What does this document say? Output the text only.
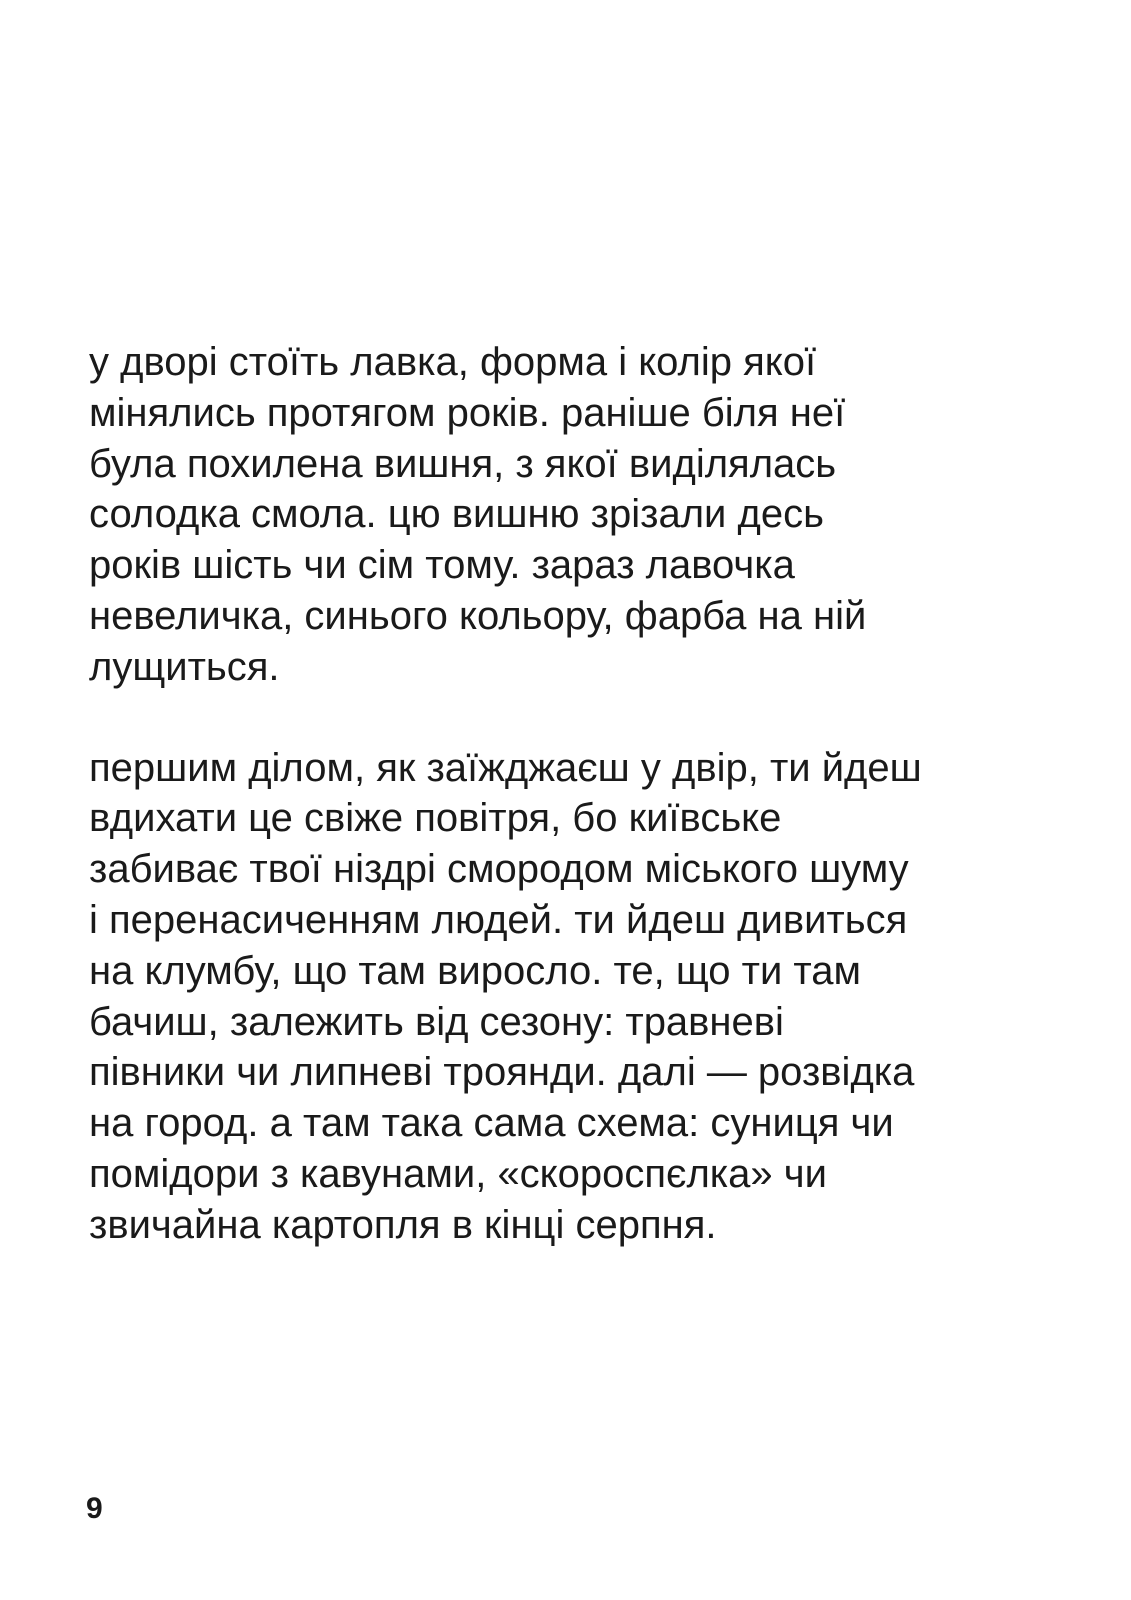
у дворі стоїть лавка, форма і колір якої
мінялись протягом років. раніше біля неї
була похилена вишня, з якої виділялась
солодка смола. цю вишню зрізали десь
років шість чи сім тому. зараз лавочка
невеличка, синього кольору, фарба на ній
лущиться.

першим ділом, як заїжджаєш у двір, ти йдеш
вдихати це свіже повітря, бо київське
забиває твої ніздрі смородом міського шуму
і перенасиченням людей. ти йдеш дивиться
на клумбу, що там виросло. те, що ти там
бачиш, залежить від сезону: травневі
півники чи липневі троянди. далі — розвідка
на город. а там така сама схема: суниця чи
помідори з кавунами, «скороспєлка» чи
звичайна картопля в кінці серпня.

9
